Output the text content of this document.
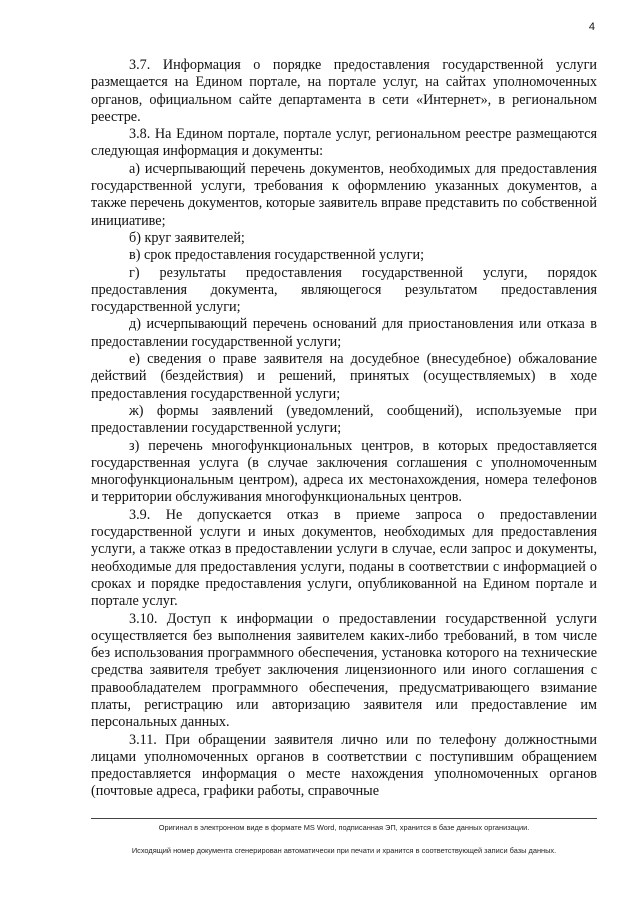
4

3.7. Информация о порядке предоставления государственной услуги размещается на Едином портале, на портале услуг, на сайтах уполномоченных органов, официальном сайте департамента в сети «Интернет», в региональном реестре.

3.8. На Едином портале, портале услуг, региональном реестре размещаются следующая информация и документы:

а) исчерпывающий перечень документов, необходимых для предоставления государственной услуги, требования к оформлению указанных документов, а также перечень документов, которые заявитель вправе представить по собственной инициативе;

б) круг заявителей;

в) срок предоставления государственной услуги;

г) результаты предоставления государственной услуги, порядок предоставления документа, являющегося результатом предоставления государственной услуги;

д) исчерпывающий перечень оснований для приостановления или отказа в предоставлении государственной услуги;

е) сведения о праве заявителя на досудебное (внесудебное) обжалование действий (бездействия) и решений, принятых (осуществляемых) в ходе предоставления государственной услуги;

ж) формы заявлений (уведомлений, сообщений), используемые при предоставлении государственной услуги;

з) перечень многофункциональных центров, в которых предоставляется государственная услуга (в случае заключения соглашения с уполномоченным многофункциональным центром), адреса их местонахождения, номера телефонов и территории обслуживания многофункциональных центров.

3.9. Не допускается отказ в приеме запроса о предоставлении государственной услуги и иных документов, необходимых для предоставления услуги, а также отказ в предоставлении услуги в случае, если запрос и документы, необходимые для предоставления услуги, поданы в соответствии с информацией о сроках и порядке предоставления услуги, опубликованной на Едином портале и портале услуг.

3.10. Доступ к информации о предоставлении государственной услуги осуществляется без выполнения заявителем каких-либо требований, в том числе без использования программного обеспечения, установка которого на технические средства заявителя требует заключения лицензионного или иного соглашения с правообладателем программного обеспечения, предусматривающего взимание платы, регистрацию или авторизацию заявителя или предоставление им персональных данных.

3.11. При обращении заявителя лично или по телефону должностными лицами уполномоченных органов в соответствии с поступившим обращением предоставляется информация о месте нахождения уполномоченных органов (почтовые адреса, графики работы, справочные

Оригинал в электронном виде в формате MS Word, подписанная ЭП, хранится в базе данных организации.
Исходящий номер документа сгенерирован автоматически при печати и хранится в соответствующей записи базы данных.
